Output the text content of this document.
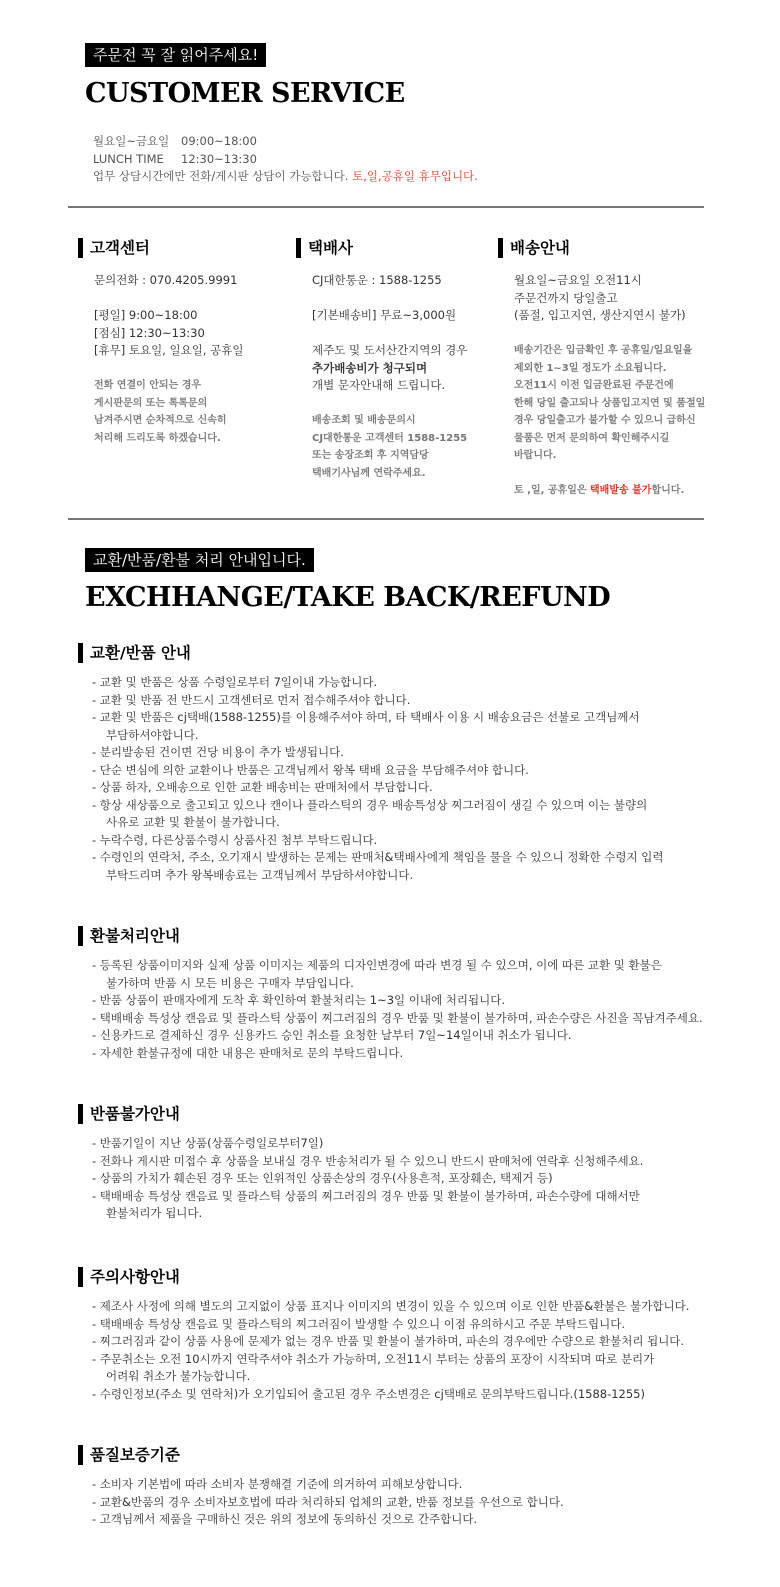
주문전 꼭 잘 읽어주세요!
CUSTOMER SERVICE
월요일~금요일 09:00~18:00
LUNCH TIME 12:30~13:30
업무 상담시간에만 전화/게시판 상담이 가능합니다. 토,일,공휴일 휴무입니다.
고객센터

문의전화 : 070.4205.9991

[평일] 9:00~18:00

[점심] 12:30~13:30

[휴무] 토요일, 일요일, 공휴일

전화 연결이 안되는 경우

게시판문의 또는 톡톡문의

남겨주시면 순차적으로 신속히

처리해 드리도록 하겠습니다.

택배사

CJ대한통운 : 1588-1255

[기본배송비] 무료~3,000원

제주도 및 도서산간지역의 경우

추가배송비가 청구되며

개별 문자안내해 드립니다.

배송조회 및 배송문의시

CJ대한통운 고객센터 1588-1255

또는 송장조회 후 지역담당

택배기사님께 연락주세요.

배송안내

월요일~금요일 오전11시

주문건까지 당일출고

(품절, 입고지연, 생산지연시 불가)

배송기간은 입금확인 후 공휴일/일요일을

제외한 1~3일 정도가 소요됩니다.

오전11시 이전 입금완료된 주문건에

한해 당일 출고되나 상품입고지연 및 품절일

경우 당일출고가 불가할 수 있으니 급하신

물품은 먼저 문의하여 확인해주시길

바랍니다.

토 ,일, 공휴일은 택배발송 불가합니다.

교환/반품/환불 처리 안내입니다.
EXCHHANGE/TAKE BACK/REFUND
교환/반품 안내
- 교환 및 반품은 상품 수령일로부터 7일이내 가능합니다.
- 교환 및 반품 전 반드시 고객센터로 먼저 접수해주셔야 합니다.
- 교환 및 반품은 cj택배(1588-1255)를 이용해주셔야 하며, 타 택배사 이용 시 배송요금은 선불로 고객님께서
부담하셔야합니다.
- 분리발송된 건이면 건당 비용이 추가 발생됩니다.
- 단순 변심에 의한 교환이나 반품은 고객님께서 왕복 택배 요금을 부담해주셔야 합니다.
- 상품 하자, 오배송으로 인한 교환 배송비는 판매처에서 부담합니다.
- 항상 새상품으로 출고되고 있으나 캔이나 플라스틱의 경우 배송특성상 찌그러짐이 생길 수 있으며 이는 불량의
사유로 교환 및 환불이 불가합니다.
- 누락수령, 다른상품수령시 상품사진 첨부 부탁드립니다.
- 수령인의 연락처, 주소, 오기재시 발생하는 문제는 판매처&택배사에게 책임을 물을 수 있으니 정확한 수령지 입력
부탁드리며 추가 왕복배송료는 고객님께서 부담하셔야합니다.
환불처리안내
- 등록된 상품이미지와 실제 상품 이미지는 제품의 디자인변경에 따라 변경 될 수 있으며, 이에 따른 교환 및 환불은
불가하며 반품 시 모든 비용은 구매자 부담입니다.
- 반품 상품이 판매자에게 도착 후 확인하여 환불처리는 1~3일 이내에 처리됩니다.
- 택배배송 특성상 캔음료 및 플라스틱 상품이 찌그러짐의 경우 반품 및 환불이 불가하며, 파손수량은 사진을 꼭남겨주세요.
- 신용카드로 결제하신 경우 신용카드 승인 취소를 요청한 날부터 7일~14일이내 취소가 됩니다.
- 자세한 환불규정에 대한 내용은 판매처로 문의 부탁드립니다.
반품불가안내
- 반품기일이 지난 상품(상품수령일로부터7일)
- 전화나 게시판 미접수 후 상품을 보내실 경우 반송처리가 될 수 있으니 반드시 판매처에 연락후 신청해주세요.
- 상품의 가치가 훼손된 경우 또는 인위적인 상품손상의 경우(사용흔적, 포장훼손, 택제거 등)
- 택배배송 특성상 캔음료 및 플라스틱 상품의 찌그러짐의 경우 반품 및 환불이 불가하며, 파손수량에 대해서만
환불처리가 됩니다.
주의사항안내
- 제조사 사정에 의해 별도의 고지없이 상품 표지나 이미지의 변경이 있을 수 있으며 이로 인한 반품&환불은 불가합니다.
- 택배배송 특성상 캔음료 및 플라스틱의 찌그러짐이 발생할 수 있으니 이점 유의하시고 주문 부탁드립니다.
- 찌그러짐과 같이 상품 사용에 문제가 없는 경우 반품 및 환불이 불가하며, 파손의 경우에만 수량으로 환불처리 됩니다.
- 주문취소는 오전 10시까지 연락주셔야 취소가 가능하며, 오전11시 부터는 상품의 포장이 시작되며 따로 분리가
어려워 취소가 불가능합니다.
- 수령인정보(주소 및 연락처)가 오기입되어 출고된 경우 주소변경은 cj택배로 문의부탁드립니다.(1588-1255)
품질보증기준
- 소비자 기본법에 따라 소비자 분쟁해결 기준에 의거하여 피해보상합니다.
- 교환&반품의 경우 소비자보호법에 따라 처리하되 업체의 교환, 반품 정보를 우선으로 합니다.
- 고객님께서 제품을 구매하신 것은 위의 정보에 동의하신 것으로 간주합니다.
